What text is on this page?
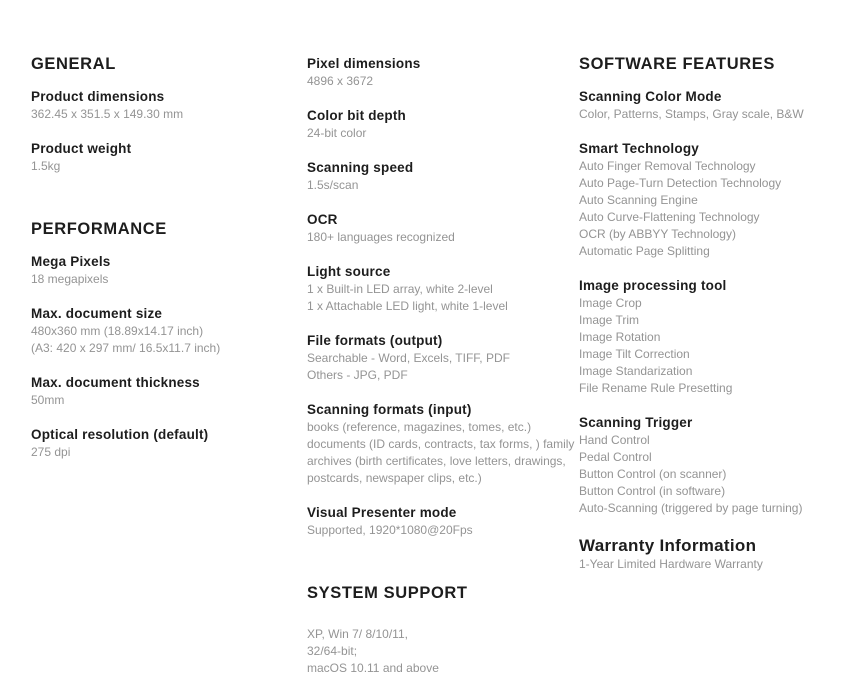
GENERAL
Product dimensions
362.45 x 351.5 x 149.30 mm
Product weight
1.5kg
PERFORMANCE
Mega Pixels
18 megapixels
Max. document size
480x360 mm (18.89x14.17 inch)
(A3: 420 x 297 mm/ 16.5x11.7 inch)
Max. document thickness
50mm
Optical resolution (default)
275 dpi
Pixel dimensions
4896 x 3672
Color bit depth
24-bit color
Scanning speed
1.5s/scan
OCR
180+ languages recognized
Light source
1 x Built-in LED array, white 2-level
1 x Attachable LED light, white 1-level
File formats (output)
Searchable - Word, Excels, TIFF, PDF
Others - JPG, PDF
Scanning formats (input)
books (reference, magazines, tomes, etc.)
documents (ID cards, contracts, tax forms, ) family
archives (birth certificates, love letters, drawings,
postcards, newspaper clips, etc.)
Visual Presenter mode
Supported, 1920*1080@20Fps
SYSTEM SUPPORT
XP, Win 7/ 8/10/11,
32/64-bit;
macOS 10.11 and above
SOFTWARE FEATURES
Scanning Color Mode
Color, Patterns, Stamps, Gray scale, B&W
Smart Technology
Auto Finger Removal Technology
Auto Page-Turn Detection Technology
Auto Scanning Engine
Auto Curve-Flattening Technology
OCR (by ABBYY Technology)
Automatic Page Splitting
Image processing tool
Image Crop
Image Trim
Image Rotation
Image Tilt Correction
Image Standarization
File Rename Rule Presetting
Scanning Trigger
Hand Control
Pedal Control
Button Control (on scanner)
Button Control (in software)
Auto-Scanning (triggered by page turning)
Warranty Information
1-Year Limited Hardware Warranty
